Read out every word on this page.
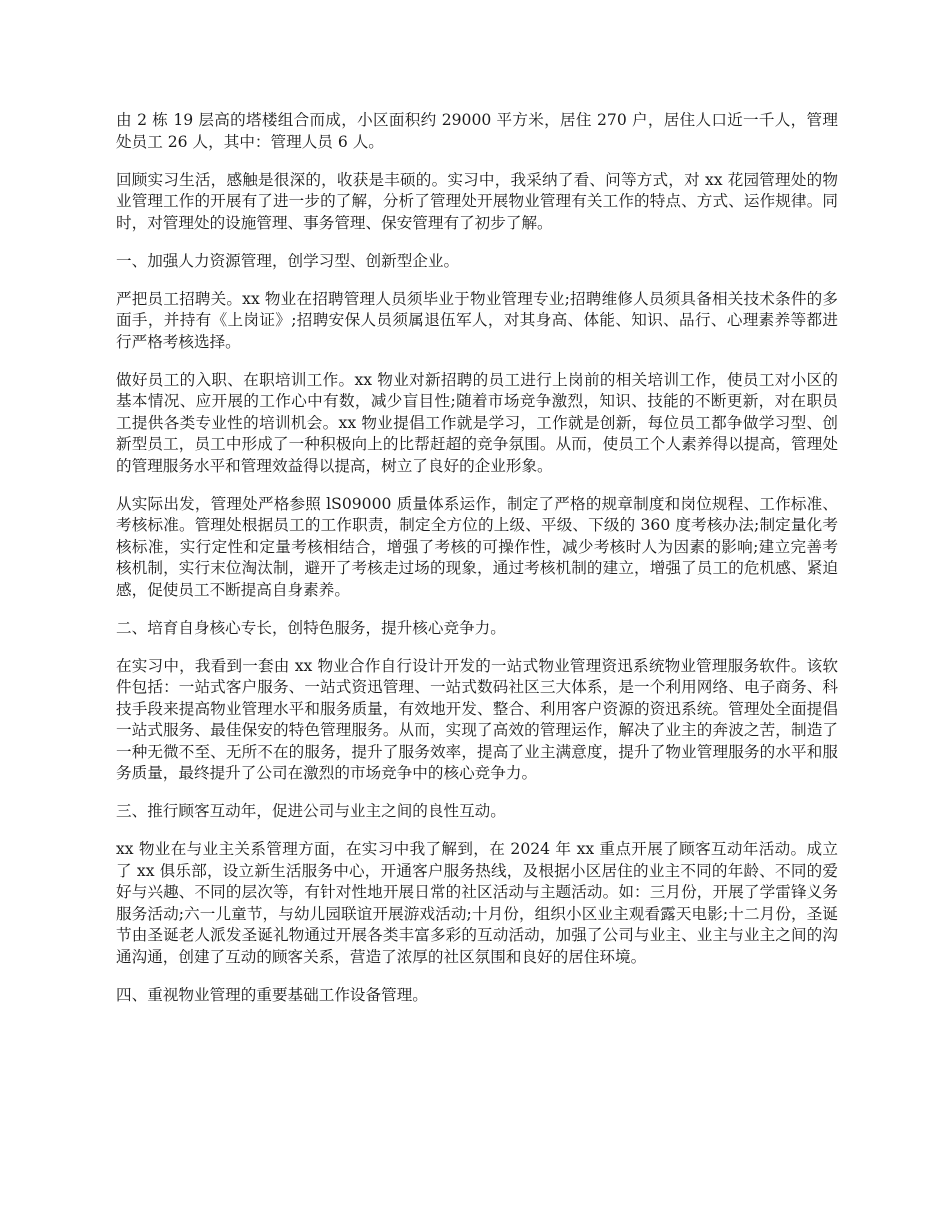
由 2 栋 19 层高的塔楼组合而成，小区面积约 29000 平方米，居住 270 户，居住人口近一千人，管理处员工 26 人，其中：管理人员 6 人。

回顾实习生活，感触是很深的，收获是丰硕的。实习中，我采纳了看、问等方式，对 xx 花园管理处的物业管理工作的开展有了进一步的了解，分析了管理处开展物业管理有关工作的特点、方式、运作规律。同时，对管理处的设施管理、事务管理、保安管理有了初步了解。

一、加强人力资源管理，创学习型、创新型企业。

严把员工招聘关。xx 物业在招聘管理人员须毕业于物业管理专业;招聘维修人员须具备相关技术条件的多面手，并持有《上岗证》;招聘安保人员须属退伍军人，对其身高、体能、知识、品行、心理素养等都进行严格考核选择。

做好员工的入职、在职培训工作。xx 物业对新招聘的员工进行上岗前的相关培训工作，使员工对小区的基本情况、应开展的工作心中有数，减少盲目性;随着市场竞争激烈，知识、技能的不断更新，对在职员工提供各类专业性的培训机会。xx 物业提倡工作就是学习，工作就是创新，每位员工都争做学习型、创新型员工，员工中形成了一种积极向上的比帮赶超的竞争氛围。从而，使员工个人素养得以提高，管理处的管理服务水平和管理效益得以提高，树立了良好的企业形象。

从实际出发，管理处严格参照 lS09000 质量体系运作，制定了严格的规章制度和岗位规程、工作标准、考核标准。管理处根据员工的工作职责，制定全方位的上级、平级、下级的 360 度考核办法;制定量化考核标准，实行定性和定量考核相结合，增强了考核的可操作性，减少考核时人为因素的影响;建立完善考核机制，实行末位淘汰制，避开了考核走过场的现象，通过考核机制的建立，增强了员工的危机感、紧迫感，促使员工不断提高自身素养。

二、培育自身核心专长，创特色服务，提升核心竞争力。

在实习中，我看到一套由 xx 物业合作自行设计开发的一站式物业管理资迅系统物业管理服务软件。该软件包括：一站式客户服务、一站式资迅管理、一站式数码社区三大体系，是一个利用网络、电子商务、科技手段来提高物业管理水平和服务质量，有效地开发、整合、利用客户资源的资迅系统。管理处全面提倡一站式服务、最佳保安的特色管理服务。从而，实现了高效的管理运作，解决了业主的奔波之苦，制造了一种无微不至、无所不在的服务，提升了服务效率，提高了业主满意度，提升了物业管理服务的水平和服务质量，最终提升了公司在激烈的市场竞争中的核心竞争力。

三、推行顾客互动年，促进公司与业主之间的良性互动。

xx 物业在与业主关系管理方面，在实习中我了解到，在 2024 年 xx 重点开展了顾客互动年活动。成立了 xx 俱乐部，设立新生活服务中心，开通客户服务热线，及根据小区居住的业主不同的年龄、不同的爱好与兴趣、不同的层次等，有针对性地开展日常的社区活动与主题活动。如：三月份，开展了学雷锋义务服务活动;六一儿童节，与幼儿园联谊开展游戏活动;十月份，组织小区业主观看露天电影;十二月份，圣诞节由圣诞老人派发圣诞礼物通过开展各类丰富多彩的互动活动，加强了公司与业主、业主与业主之间的沟通沟通，创建了互动的顾客关系，营造了浓厚的社区氛围和良好的居住环境。

四、重视物业管理的重要基础工作设备管理。
